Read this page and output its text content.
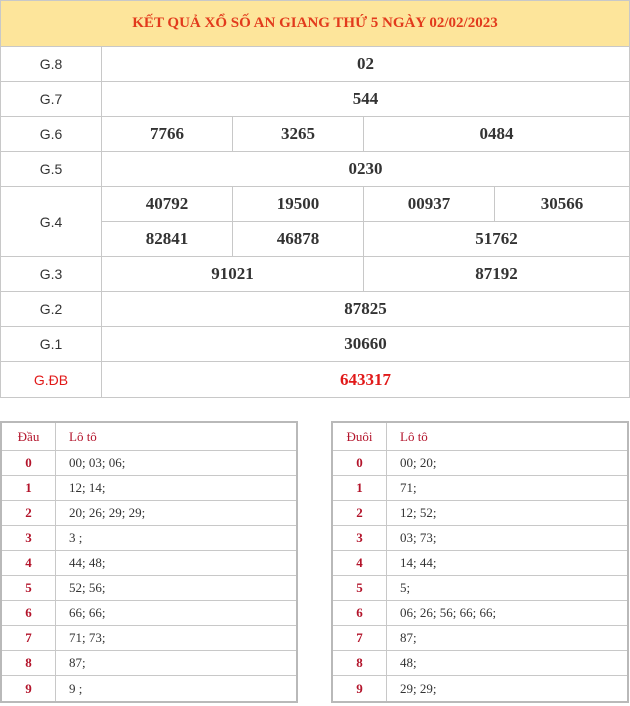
KẾT QUẢ XỔ SỐ AN GIANG THỨ 5 NGÀY 02/02/2023
G.8	02
G.7	544
G.6	7766	3265	0484
G.5	0230
G.4
40792	19500	00937	30566
82841	46878	51762
G.3	91021	87192
G.2	87825
G.1	30660
G.ĐB	643317
Đầu	Lô tô
0	00; 03; 06;
1	12; 14;
2	20; 26; 29; 29;
3	3 ;
4	44; 48;
5	52; 56;
6	66; 66;
7	71; 73;
8	87;
9	9 ;
Đuôi	Lô tô
0	00; 20;
1	71;
2	12; 52;
3	03; 73;
4	14; 44;
5	5;
6	06; 26; 56; 66; 66;
7	87;
8	48;
9	29; 29;
